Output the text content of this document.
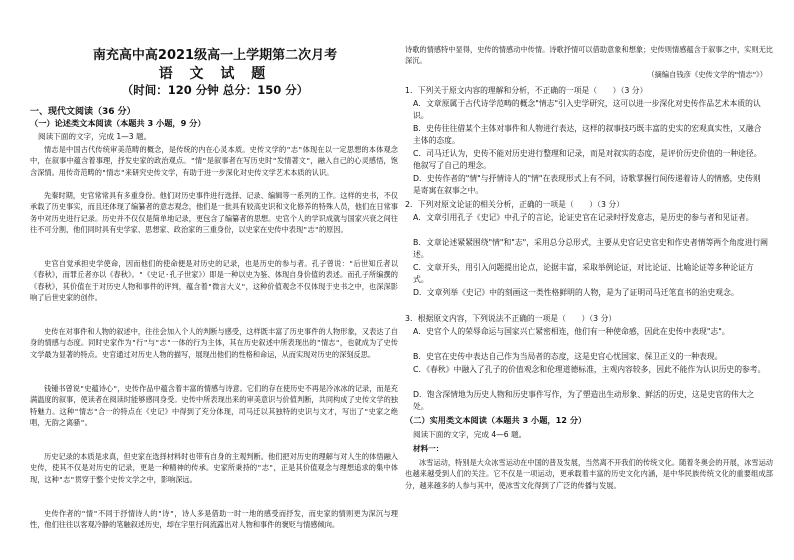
南充高中高2021级高一上学期第二次月考
语 文 试 题
（时间：120 分钟 总分：150 分）
一、现代文阅读（36 分）
（一）论述类文本阅读（本题共 3 小题，9 分）
阅读下面的文字，完成 1—3 题。
情志是中国古代传统审美范畴的概念，是传统的内在心灵本质。史传文学的"志"体现在以一定思想的本体观念中，在叙事中蕴含着事理，抒发史家的政治观点。"情"是叙事者在写历史时"发情著文"，融入自己的心灵感悟，饱含深情。用传奇范畴的"情志"来研究史传文学，有助于进一步深化对史传文学艺术本质的认识。
先秦时期，史官常常具有多重身份。他们对历史事件进行选择、记录、编辑等一系列的工作。这样的史书，不仅承载了历史事实，而且还体现了编纂者的意志观念，他们是一批具有较高史识和文化修养的特殊人员，他们在日常事务中对历史进行记录。历史并不仅仅是简单地记录，更包含了编纂者的思想。史官个人的学识成就与国家兴衰之间往往不可分割，他们同时具有史学家、思想家、政治家的三重身份，以史家在史传中表现"志"的原因。
史官自觉承担史学使命，因而他们的使命便是对历史的记录，也是历史的参与者。孔子曾说："后世知丘者以《春秋》，而罪丘者亦以《春秋》。"《史记·孔子世家》）即是一种以史为鉴、体现自身价值的表述。而孔子所编撰的《春秋》，其价值在于对历史人物和事件的评判，蕴含着"微言大义"，这种价值观念不仅体现于史书之中，也深深影响了后世史家的创作。
史传在对事件和人物的叙述中，往往会加入个人的判断与感受，这样既丰富了历史事件的人物形象，又表达了自身的情感与态度。同时史家作为"行"与"志"一体的行为主体，其在历史叙述中所表现出的"情志"，也就成为了史传文学最为显著的特点。史官通过对历史人物的描写，展现出他们的性格和命运，从而实现对历史的深刻反思。
钱锺书曾说"史蕴诗心"，史传作品中蕴含着丰富的情感与诗意。它们的存在使历史不再是冷冰冰的记录，而是充满温度的叙事，使读者在阅读时能够感同身受。史传中所表现出来的审美意识与价值判断，共同构成了史传文学的独特魅力。这种"情志"合一的特点在《史记》中得到了充分体现，司马迁以其独特的史识与文才，写出了"史家之绝唱，无韵之离骚"。
历史记录的本质是求真，但史家在选择材料时也带有自身的主观判断。他们把对历史的理解与对人生的体悟融入史传，使其不仅是对历史的记录，更是一种精神的传承。史家所秉持的"志"，正是其价值观念与理想追求的集中体现，这种"志"贯穿于整个史传文学之中，影响深远。
史传作者的"情"不同于抒情诗人的"诗"，诗人多是借助一时一地的感受而抒发，而史家的情则更为深沉与理性，他们往往以客观冷静的笔触叙述历史，却在字里行间流露出对人物和事件的褒贬与情感倾向。
诗歌的情感特中显得，史传的情感动中传情。诗歌抒情可以借助意象和想象；史传则情感蕴含于叙事之中，实则无比深沉。
（摘编自钱彦《史传文学的"情志"》）
1．下列关于原文内容的理解和分析，不正确的一项是（　　）（3 分）
A．文章原属于古代诗学范畴的概念"情志"引入史学研究，这可以进一步深化对史传作品艺术本质的认识。
B．史传往往借某个主体对事件和人物进行表达，这样的叙事技巧既丰富的史实的宏观真实性，又融合主体的态度。
C．司马迁认为，史传不能对历史进行整理和记录，而是对叙实的态度，是评价历史价值的一种途径。他叙写了自己的理念。
D．史传作者的"情"与抒情诗人的"情"在表现形式上有不同，诗歌掌握行间传递着诗人的情感，史传则是寄寓在叙事之中。
2．下列对原文论证的相关分析，正确的一项是（　　）（3 分）
A．文章引用孔子《史记》中孔子的言论，论证史官在记录时抒发意志，是历史的参与者和见证者。
B．文章论述紧紧围绕"情"和"志"，采用总分总形式，主要从史官记史官史和作史者情等两个角度进行阐述。
C．文章开头，用引入问题提出论点，论据丰富，采取举例论证，对比论证、比喻论证等多种论证方式。
D．文章列举《史记》中的刻画这一类性格鲜明的人物，是为了证明司马迁笔直书的治史观念。
3．根据原文内容，下列说法不正确的一项是（　　）（3 分）
A．史官个人的荣辱命运与国家兴亡紧密相连，他们有一种使命感，因此在史传中表现"志"。
B．史官在史传中表达自己作为当局者的态度，这是史官心忧国家、保卫正义的一种表现。
C．《春秋》中融入了孔子的价值观念和伦理道德标准，主观内容较多，因此不能作为认识历史的参考。
D．饱含深情地为历史人物和历史事件写作，为了塑造出生动形象、鲜活的历史，这是史官的伟大之处。
（二）实用类文本阅读（本题共 3 小题，12 分）
阅读下面的文字，完成 4—6 题。
材料一：
冰雪运动，特别是大众冰雪运动在中国的普及发展，当然离不开我们的传统文化。随着冬奥会的开展，冰雪运动也越来越受到人们的关注。它不仅是一项运动，更承载着丰富的历史文化内涵，是中华民族传统文化的重要组成部分，越来越多的人参与其中，使冰雪文化得到了广泛的传播与发展。
